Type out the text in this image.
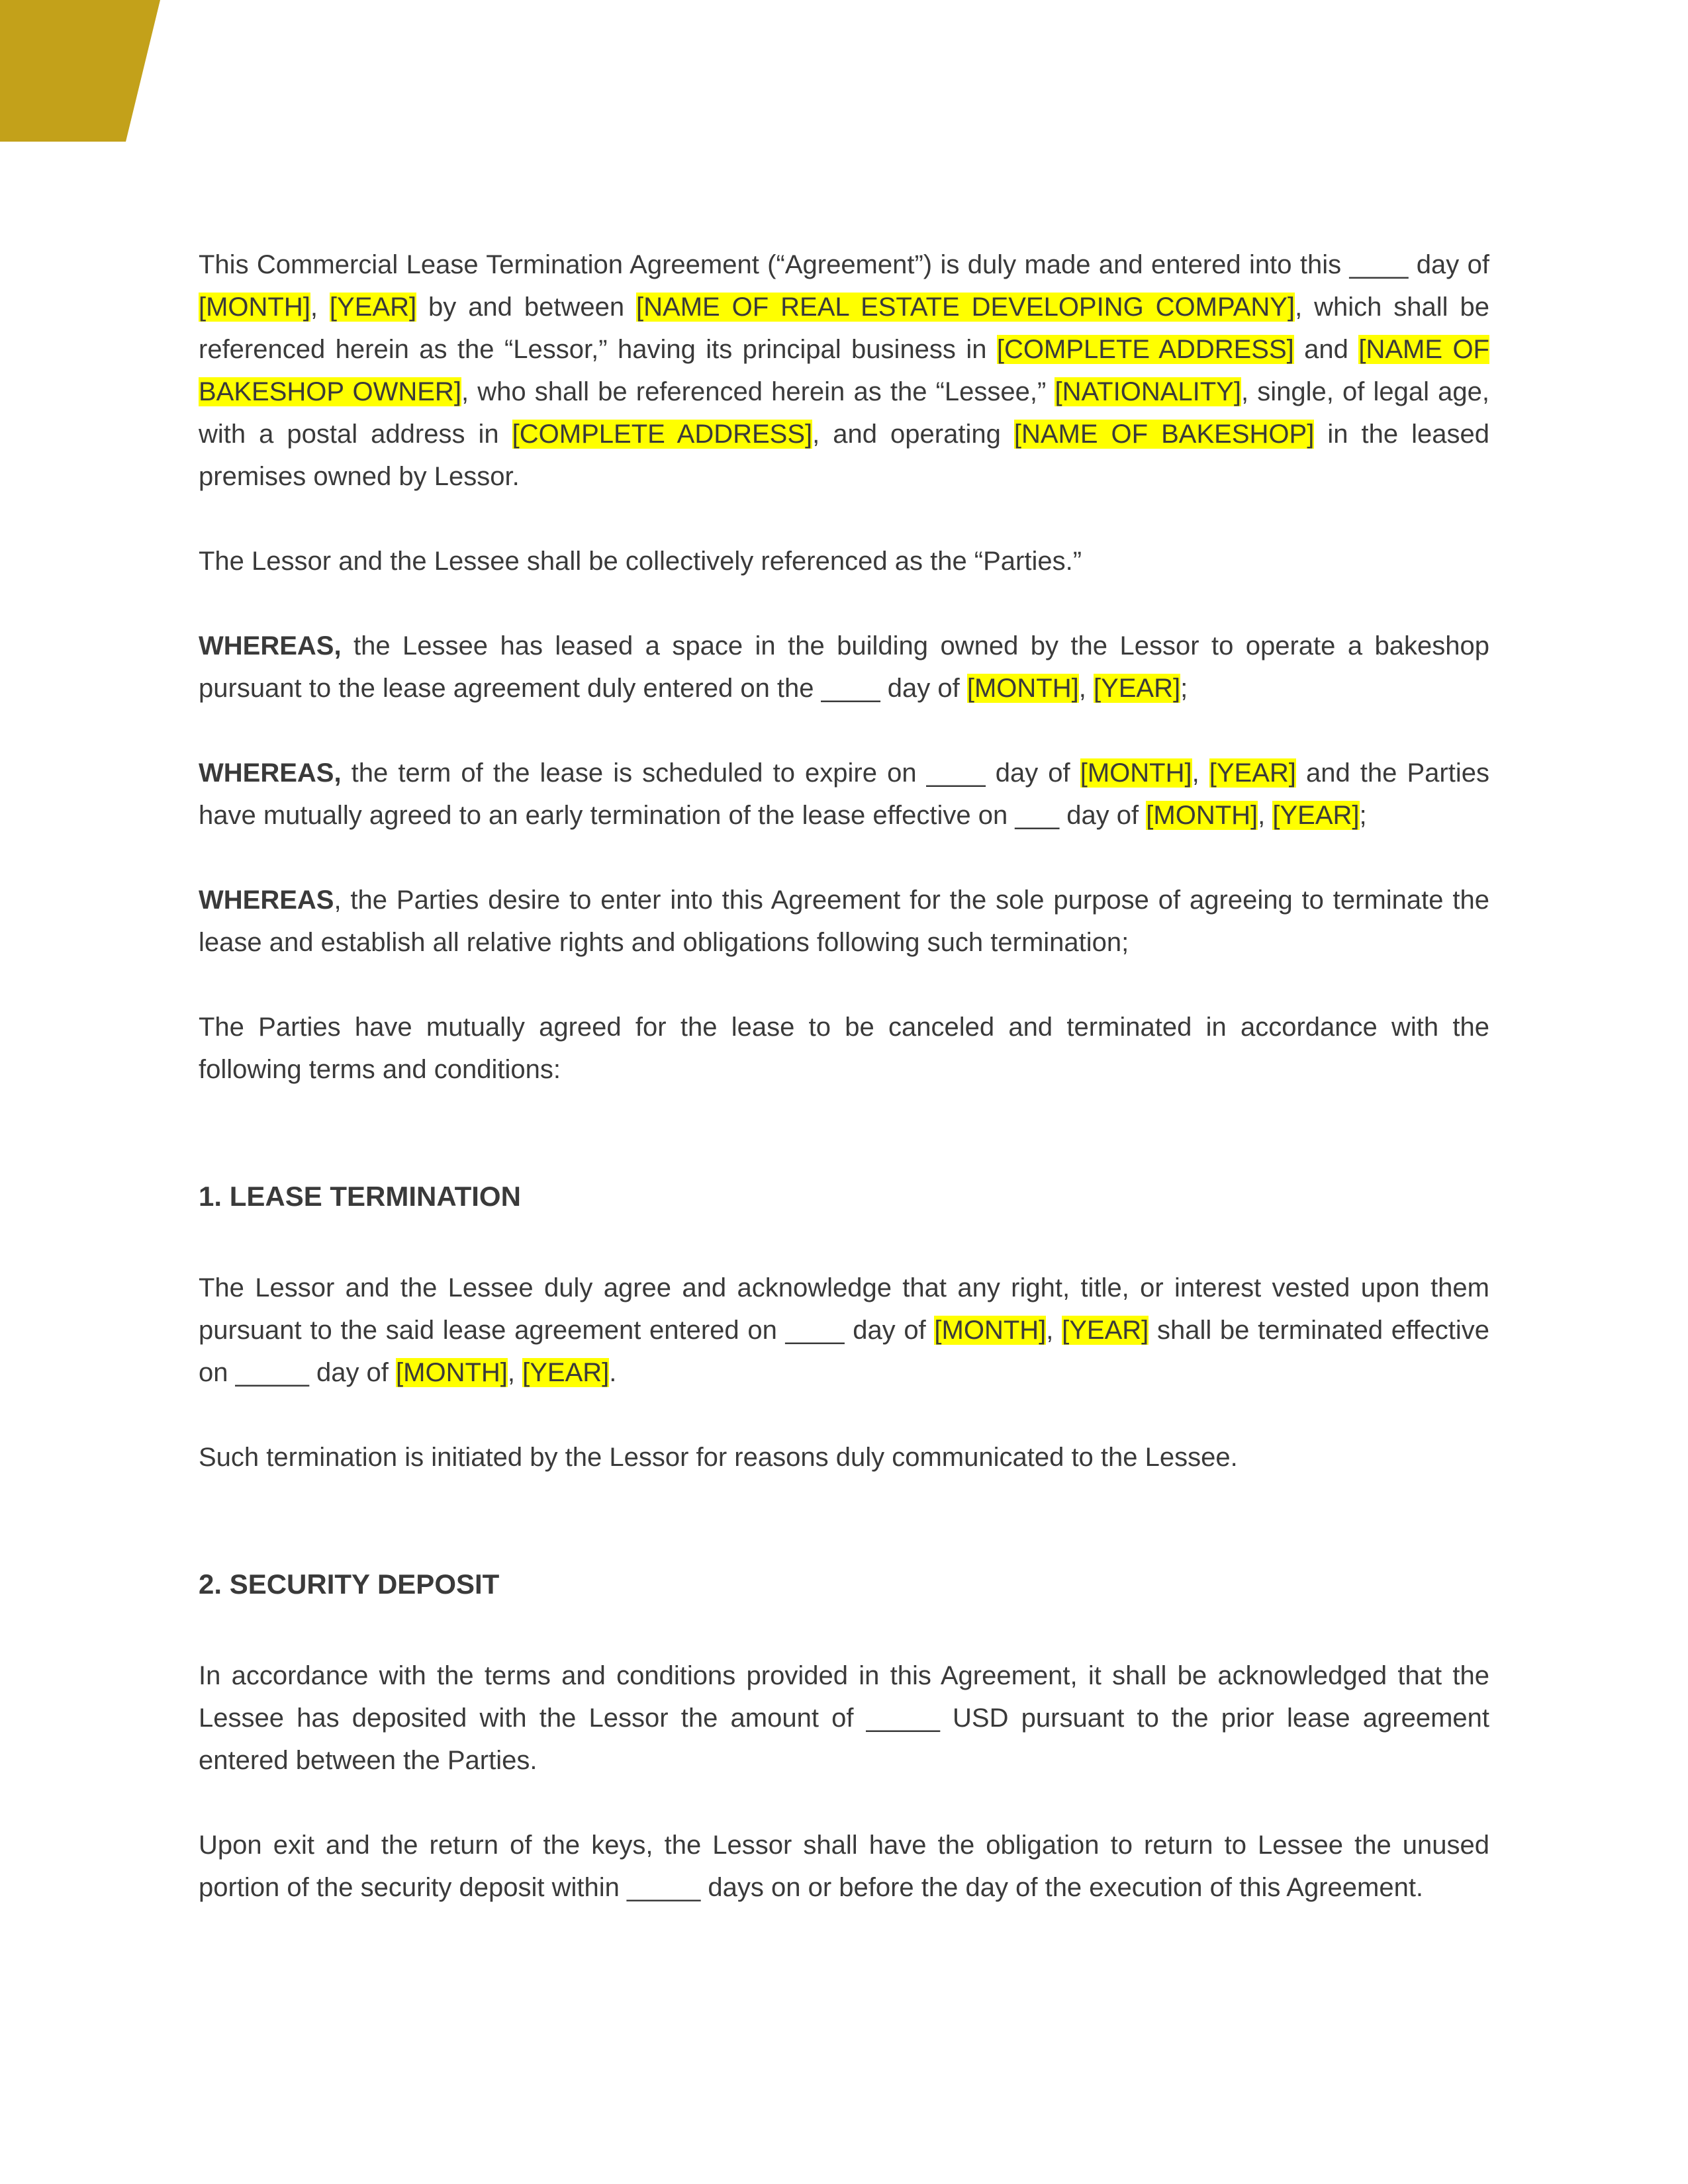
This Commercial Lease Termination Agreement (“Agreement”) is duly made and entered into this ____ day of [MONTH], [YEAR] by and between [NAME OF REAL ESTATE DEVELOPING COMPANY], which shall be referenced herein as the “Lessor,” having its principal business in [COMPLETE ADDRESS] and [NAME OF BAKESHOP OWNER], who shall be referenced herein as the “Lessee,” [NATIONALITY], single, of legal age, with a postal address in [COMPLETE ADDRESS], and operating [NAME OF BAKESHOP] in the leased premises owned by Lessor.

The Lessor and the Lessee shall be collectively referenced as the “Parties.”

WHEREAS, the Lessee has leased a space in the building owned by the Lessor to operate a bakeshop pursuant to the lease agreement duly entered on the ____ day of [MONTH], [YEAR];

WHEREAS, the term of the lease is scheduled to expire on ____ day of [MONTH], [YEAR] and the Parties have mutually agreed to an early termination of the lease effective on ___ day of [MONTH], [YEAR];

WHEREAS, the Parties desire to enter into this Agreement for the sole purpose of agreeing to terminate the lease and establish all relative rights and obligations following such termination;

The Parties have mutually agreed for the lease to be canceled and terminated in accordance with the following terms and conditions:

1. LEASE TERMINATION

The Lessor and the Lessee duly agree and acknowledge that any right, title, or interest vested upon them pursuant to the said lease agreement entered on ____ day of [MONTH], [YEAR] shall be terminated effective on _____ day of [MONTH], [YEAR].

Such termination is initiated by the Lessor for reasons duly communicated to the Lessee.

2. SECURITY DEPOSIT

In accordance with the terms and conditions provided in this Agreement, it shall be acknowledged that the Lessee has deposited with the Lessor the amount of _____ USD pursuant to the prior lease agreement entered between the Parties.

Upon exit and the return of the keys, the Lessor shall have the obligation to return to Lessee the unused portion of the security deposit within _____ days on or before the day of the execution of this Agreement.
